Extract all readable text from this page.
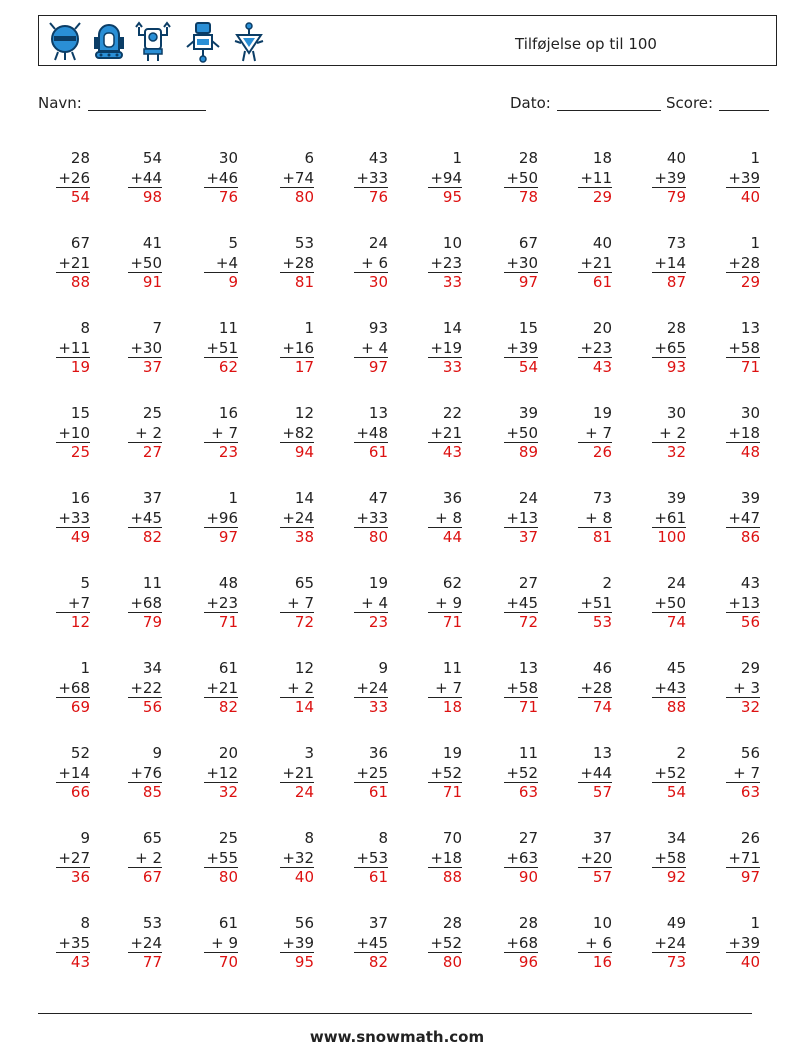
Tilføjelse op til 100
Navn:	Dato:	Score:
28
+26
54
54
+44
98
30
+46
76
6
+74
80
43
+33
76
1
+94
95
28
+50
78
18
+11
29
40
+39
79
1
+39
40
67
+21
88
41
+50
91
5
+4
9
53
+28
81
24
+ 6
30
10
+23
33
67
+30
97
40
+21
61
73
+14
87
1
+28
29
8
+11
19
7
+30
37
11
+51
62
1
+16
17
93
+ 4
97
14
+19
33
15
+39
54
20
+23
43
28
+65
93
13
+58
71
15
+10
25
25
+ 2
27
16
+ 7
23
12
+82
94
13
+48
61
22
+21
43
39
+50
89
19
+ 7
26
30
+ 2
32
30
+18
48
16
+33
49
37
+45
82
1
+96
97
14
+24
38
47
+33
80
36
+ 8
44
24
+13
37
73
+ 8
81
39
+61
100
39
+47
86
5
+7
12
11
+68
79
48
+23
71
65
+ 7
72
19
+ 4
23
62
+ 9
71
27
+45
72
2
+51
53
24
+50
74
43
+13
56
1
+68
69
34
+22
56
61
+21
82
12
+ 2
14
9
+24
33
11
+ 7
18
13
+58
71
46
+28
74
45
+43
88
29
+ 3
32
52
+14
66
9
+76
85
20
+12
32
3
+21
24
36
+25
61
19
+52
71
11
+52
63
13
+44
57
2
+52
54
56
+ 7
63
9
+27
36
65
+ 2
67
25
+55
80
8
+32
40
8
+53
61
70
+18
88
27
+63
90
37
+20
57
34
+58
92
26
+71
97
8
+35
43
53
+24
77
61
+ 9
70
56
+39
95
37
+45
82
28
+52
80
28
+68
96
10
+ 6
16
49
+24
73
1
+39
40
www.snowmath.com
